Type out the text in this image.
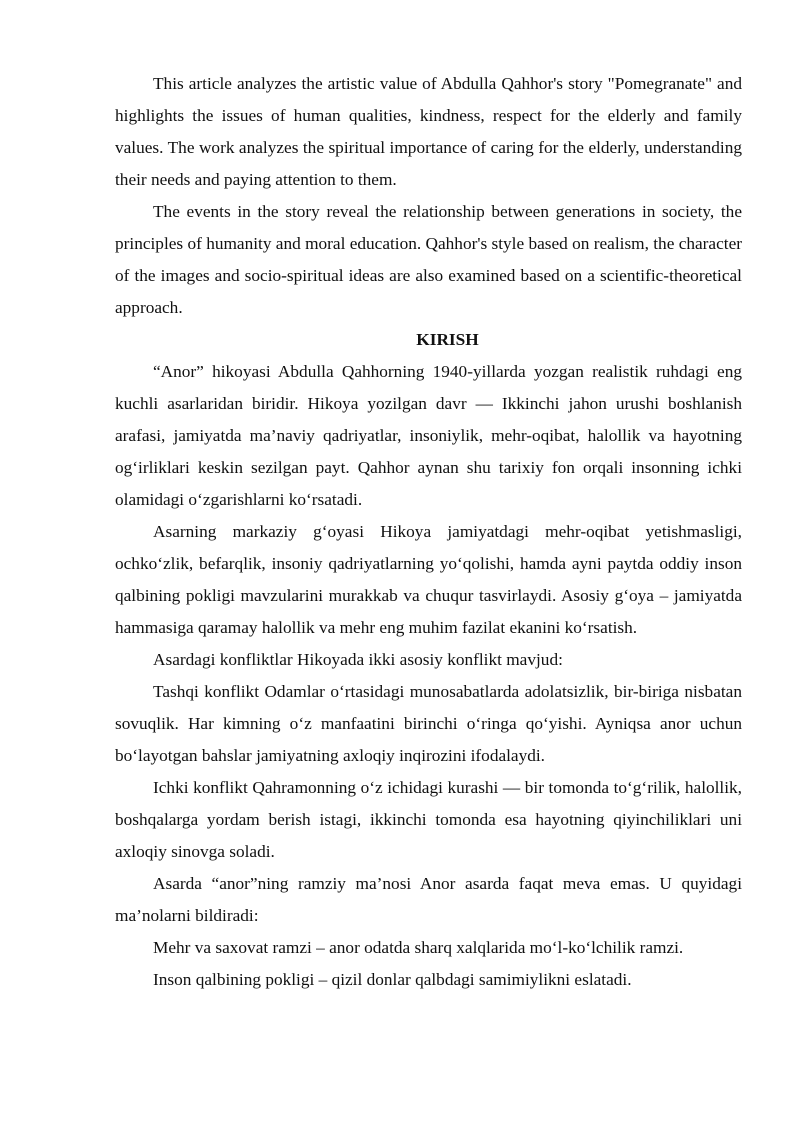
This article analyzes the artistic value of Abdulla Qahhor's story "Pomegranate" and highlights the issues of human qualities, kindness, respect for the elderly and family values. The work analyzes the spiritual importance of caring for the elderly, understanding their needs and paying attention to them.

The events in the story reveal the relationship between generations in society, the principles of humanity and moral education. Qahhor's style based on realism, the character of the images and socio-spiritual ideas are also examined based on a scientific-theoretical approach.

KIRISH

“Anor” hikoyasi Abdulla Qahhorning 1940-yillarda yozgan realistik ruhdagi eng kuchli asarlaridan biridir. Hikoya yozilgan davr — Ikkinchi jahon urushi boshlanish arafasi, jamiyatda ma’naviy qadriyatlar, insoniylik, mehr-oqibat, halollik va hayotning og‘irliklari keskin sezilgan payt. Qahhor aynan shu tarixiy fon orqali insonning ichki olamidagi o‘zgarishlarni ko‘rsatadi.

Asarning markaziy g‘oyasi Hikoya jamiyatdagi mehr-oqibat yetishmasligi, ochko‘zlik, befarqlik, insoniy qadriyatlarning yo‘qolishi, hamda ayni paytda oddiy inson qalbining pokligi mavzularini murakkab va chuqur tasvirlaydi. Asosiy g‘oya – jamiyatda hammasiga qaramay halollik va mehr eng muhim fazilat ekanini ko‘rsatish.

Asardagi konfliktlar Hikoyada ikki asosiy konflikt mavjud:

Tashqi konflikt Odamlar o‘rtasidagi munosabatlarda adolatsizlik, bir-biriga nisbatan sovuqlik. Har kimning o‘z manfaatini birinchi o‘ringa qo‘yishi. Ayniqsa anor uchun bo‘layotgan bahslar jamiyatning axloqiy inqirozini ifodalaydi.

Ichki konflikt Qahramonning o‘z ichidagi kurashi — bir tomonda to‘g‘rilik, halollik, boshqalarga yordam berish istagi, ikkinchi tomonda esa hayotning qiyinchiliklari uni axloqiy sinovga soladi.

Asarda “anor”ning ramziy ma’nosi Anor asarda faqat meva emas. U quyidagi ma’nolarni bildiradi:

Mehr va saxovat ramzi – anor odatda sharq xalqlarida mo‘l-ko‘lchilik ramzi.

Inson qalbining pokligi – qizil donlar qalbdagi samimiylikni eslatadi.
